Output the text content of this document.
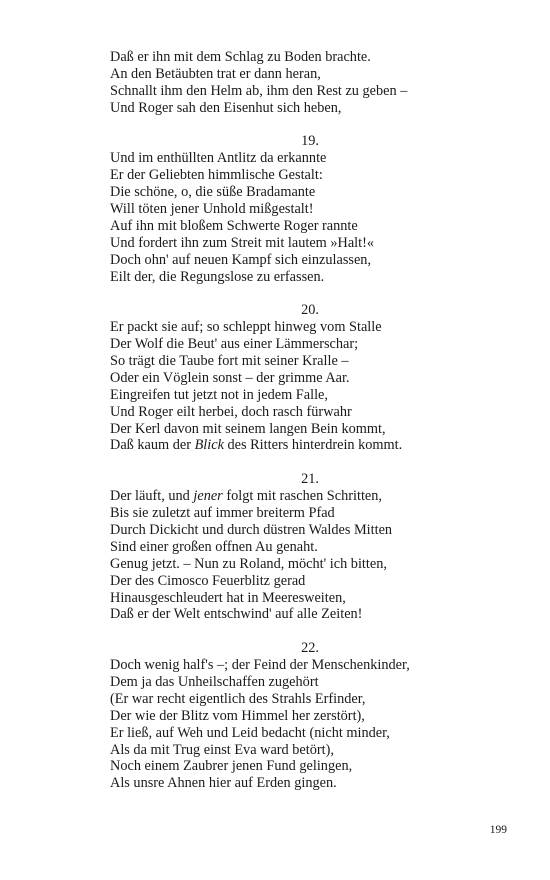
Daß er ihn mit dem Schlag zu Boden brachte.
An den Betäubten trat er dann heran,
Schnallt ihm den Helm ab, ihm den Rest zu geben –
Und Roger sah den Eisenhut sich heben,
19.
Und im enthüllten Antlitz da erkannte
Er der Geliebten himmlische Gestalt:
Die schöne, o, die süße Bradamante
Will töten jener Unhold mißgestalt!
Auf ihn mit bloßem Schwerte Roger rannte
Und fordert ihn zum Streit mit lautem »Halt!«
Doch ohn' auf neuen Kampf sich einzulassen,
Eilt der, die Regungslose zu erfassen.
20.
Er packt sie auf; so schleppt hinweg vom Stalle
Der Wolf die Beut' aus einer Lämmerschar;
So trägt die Taube fort mit seiner Kralle –
Oder ein Vöglein sonst – der grimme Aar.
Eingreifen tut jetzt not in jedem Falle,
Und Roger eilt herbei, doch rasch fürwahr
Der Kerl davon mit seinem langen Bein kommt,
Daß kaum der Blick des Ritters hinterdrein kommt.
21.
Der läuft, und jener folgt mit raschen Schritten,
Bis sie zuletzt auf immer breiterm Pfad
Durch Dickicht und durch düstren Waldes Mitten
Sind einer großen offnen Au genaht.
Genug jetzt. – Nun zu Roland, möcht' ich bitten,
Der des Cimosco Feuerblitz gerad
Hinausgeschleudert hat in Meeresweiten,
Daß er der Welt entschwind' auf alle Zeiten!
22.
Doch wenig half's –; der Feind der Menschenkinder,
Dem ja das Unheilschaffen zugehört
(Er war recht eigentlich des Strahls Erfinder,
Der wie der Blitz vom Himmel her zerstört),
Er ließ, auf Weh und Leid bedacht (nicht minder,
Als da mit Trug einst Eva ward betört),
Noch einem Zaubrer jenen Fund gelingen,
Als unsre Ahnen hier auf Erden gingen.
199
